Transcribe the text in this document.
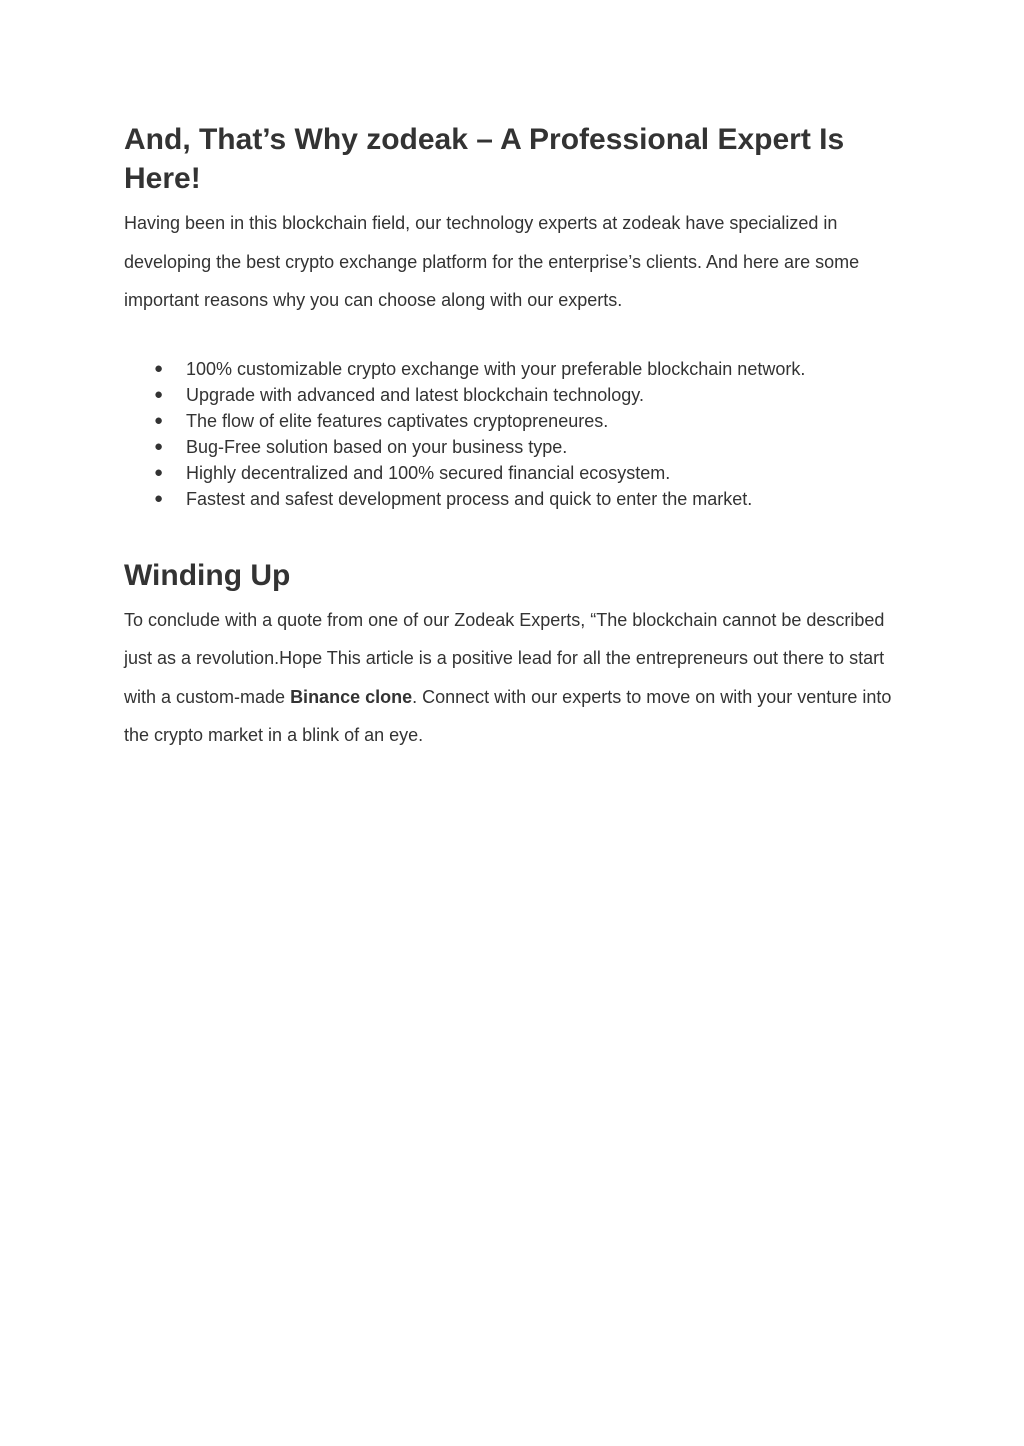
And, That’s Why zodeak – A Professional Expert Is Here!

Having been in this blockchain field, our technology experts at zodeak have specialized in developing the best crypto exchange platform for the enterprise’s clients. And here are some important reasons why you can choose along with our experts.

● 100% customizable crypto exchange with your preferable blockchain network.
● Upgrade with advanced and latest blockchain technology.
● The flow of elite features captivates cryptopreneures.
● Bug-Free solution based on your business type.
● Highly decentralized and 100% secured financial ecosystem.
● Fastest and safest development process and quick to enter the market.
Winding Up

To conclude with a quote from one of our Zodeak Experts, “The blockchain cannot be described just as a revolution.Hope This article is a positive lead for all the entrepreneurs out there to start with a custom-made Binance clone. Connect with our experts to move on with your venture into the crypto market in a blink of an eye.
